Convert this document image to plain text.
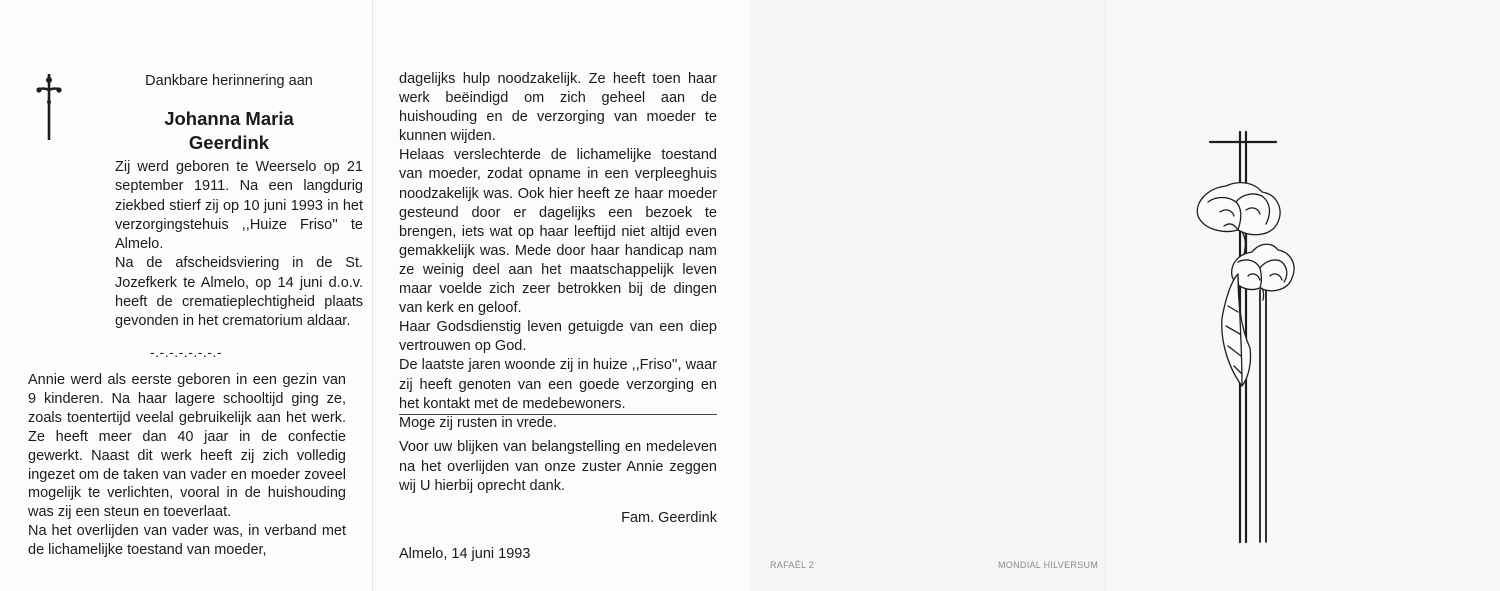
Dankbare herinnering aan
Johanna Maria
Geerdink

Zij werd geboren te Weerselo op 21 september 1911. Na een langdurig ziekbed stierf zij op 10 juni 1993 in het verzorgingstehuis ,,Huize Friso'' te Almelo.

Na de afscheidsviering in de St. Jozefkerk te Almelo, op 14 juni d.o.v. heeft de crematieplechtigheid plaats gevonden in het crematorium aldaar.

-.-.-.-.-.-.-.-

Annie werd als eerste geboren in een gezin van 9 kinderen. Na haar lagere schooltijd ging ze, zoals toentertijd veelal gebruikelijk aan het werk. Ze heeft meer dan 40 jaar in de confectie gewerkt. Naast dit werk heeft zij zich volledig ingezet om de taken van vader en moeder zoveel mogelijk te verlichten, vooral in de huishouding was zij een steun en toeverlaat.

Na het overlijden van vader was, in verband met de lichamelijke toestand van moeder,

dagelijks hulp noodzakelijk. Ze heeft toen haar werk beëindigd om zich geheel aan de huishouding en de verzorging van moeder te kunnen wijden.

Helaas verslechterde de lichamelijke toestand van moeder, zodat opname in een verpleeghuis noodzakelijk was. Ook hier heeft ze haar moeder gesteund door er dagelijks een bezoek te brengen, iets wat op haar leeftijd niet altijd even gemakkelijk was. Mede door haar handicap nam ze weinig deel aan het maatschappelijk leven maar voelde zich zeer betrokken bij de dingen van kerk en geloof.

Haar Godsdienstig leven getuigde van een diep vertrouwen op God.

De laatste jaren woonde zij in huize ,,Friso'', waar zij heeft genoten van een goede verzorging en het kontakt met de medebewoners.

Moge zij rusten in vrede.

Voor uw blijken van belangstelling en medeleven na het overlijden van onze zuster Annie zeggen wij U hierbij oprecht dank.
Fam. Geerdink
Almelo, 14 juni 1993
RAFAËL 2	MONDIAL HILVERSUM
